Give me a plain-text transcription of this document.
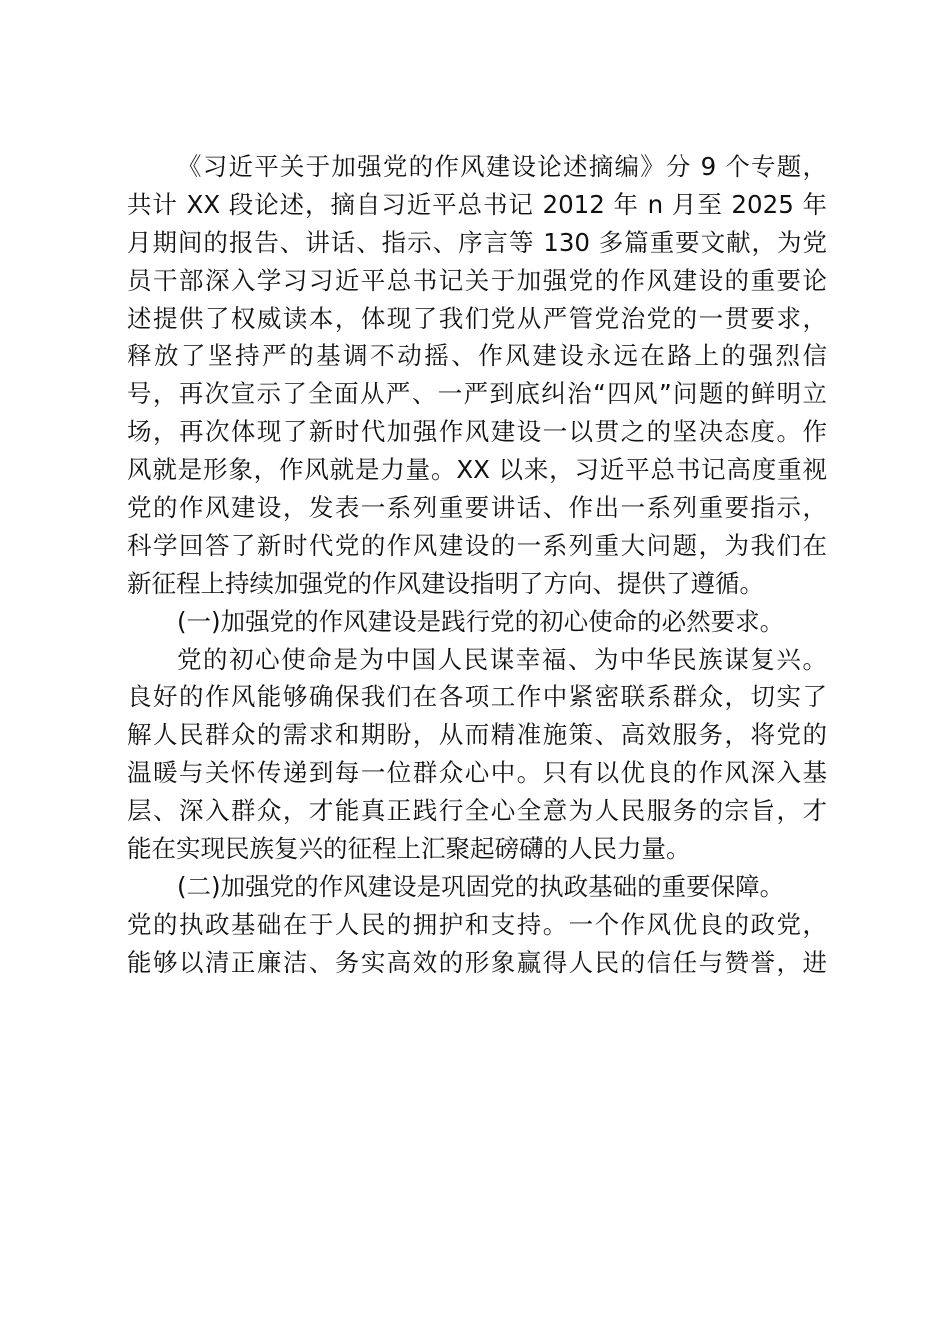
《习近平关于加强党的作风建设论述摘编》分 9 个专题，
共计 XX 段论述，摘自习近平总书记 2012 年 n 月至 2025 年
月期间的报告、讲话、指示、序言等 130 多篇重要文献，为党
员干部深入学习习近平总书记关于加强党的作风建设的重要论
述提供了权威读本，体现了我们党从严管党治党的一贯要求，
释放了坚持严的基调不动摇、作风建设永远在路上的强烈信
号，再次宣示了全面从严、一严到底纠治“四风”问题的鲜明立
场，再次体现了新时代加强作风建设一以贯之的坚决态度。作
风就是形象，作风就是力量。XX 以来，习近平总书记高度重视
党的作风建设，发表一系列重要讲话、作出一系列重要指示，
科学回答了新时代党的作风建设的一系列重大问题，为我们在
新征程上持续加强党的作风建设指明了方向、提供了遵循。
(一)加强党的作风建设是践行党的初心使命的必然要求。
党的初心使命是为中国人民谋幸福、为中华民族谋复兴。
良好的作风能够确保我们在各项工作中紧密联系群众，切实了
解人民群众的需求和期盼，从而精准施策、高效服务，将党的
温暖与关怀传递到每一位群众心中。只有以优良的作风深入基
层、深入群众，才能真正践行全心全意为人民服务的宗旨，才
能在实现民族复兴的征程上汇聚起磅礴的人民力量。
(二)加强党的作风建设是巩固党的执政基础的重要保障。
党的执政基础在于人民的拥护和支持。一个作风优良的政党，
能够以清正廉洁、务实高效的形象赢得人民的信任与赞誉，进
